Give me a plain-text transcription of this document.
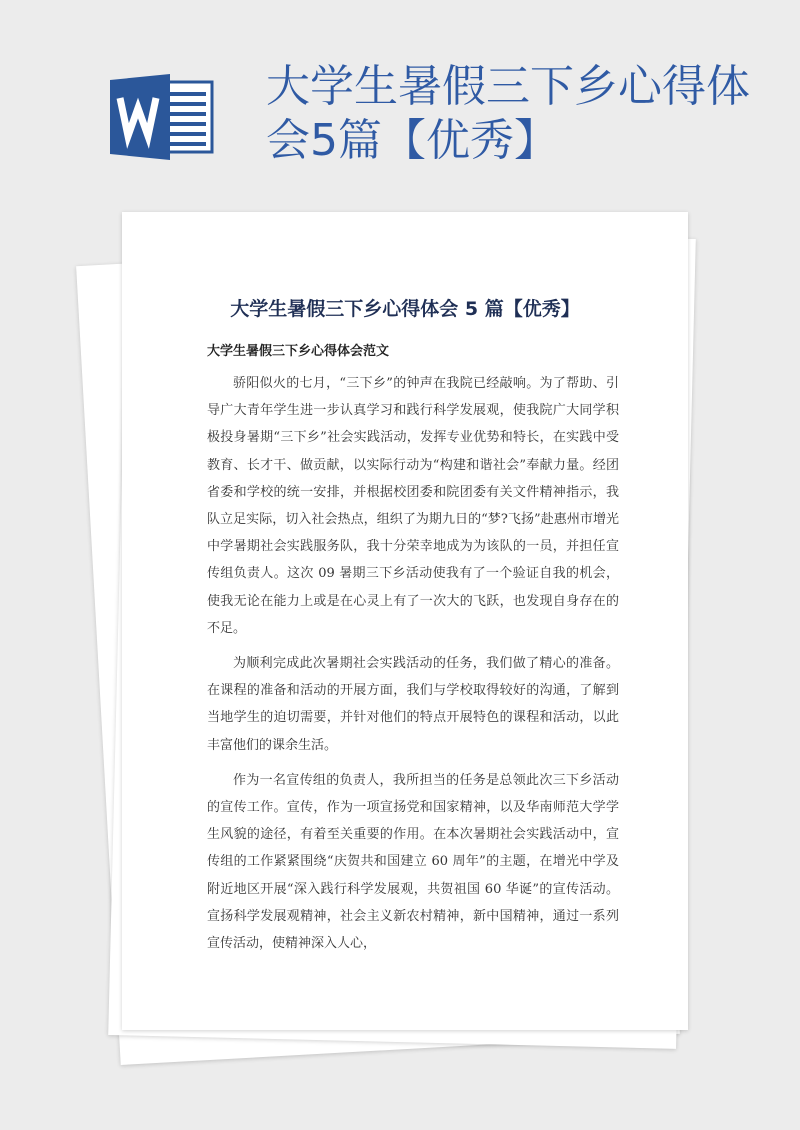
大学生暑假三下乡心得体会5篇【优秀】
大学生暑假三下乡心得体会 5 篇【优秀】
大学生暑假三下乡心得体会范文

骄阳似火的七月，“三下乡”的钟声在我院已经敲响。为了帮助、引导广大青年学生进一步认真学习和践行科学发展观，使我院广大同学积极投身暑期“三下乡”社会实践活动，发挥专业优势和特长，在实践中受教育、长才干、做贡献，以实际行动为“构建和谐社会”奉献力量。经团省委和学校的统一安排，并根据校团委和院团委有关文件精神指示，我队立足实际，切入社会热点，组织了为期九日的“梦?飞扬”赴惠州市增光中学暑期社会实践服务队，我十分荣幸地成为为该队的一员，并担任宣传组负责人。这次 09 暑期三下乡活动使我有了一个验证自我的机会，使我无论在能力上或是在心灵上有了一次大的飞跃，也发现自身存在的不足。

为顺利完成此次暑期社会实践活动的任务，我们做了精心的准备。在课程的准备和活动的开展方面，我们与学校取得较好的沟通，了解到当地学生的迫切需要，并针对他们的特点开展特色的课程和活动，以此丰富他们的课余生活。

作为一名宣传组的负责人，我所担当的任务是总领此次三下乡活动的宣传工作。宣传，作为一项宣扬党和国家精神，以及华南师范大学学生风貌的途径，有着至关重要的作用。在本次暑期社会实践活动中，宣传组的工作紧紧围绕“庆贺共和国建立 60 周年”的主题，在增光中学及附近地区开展“深入践行科学发展观，共贺祖国 60 华诞”的宣传活动。宣扬科学发展观精神，社会主义新农村精神，新中国精神，通过一系列宣传活动，使精神深入人心，
